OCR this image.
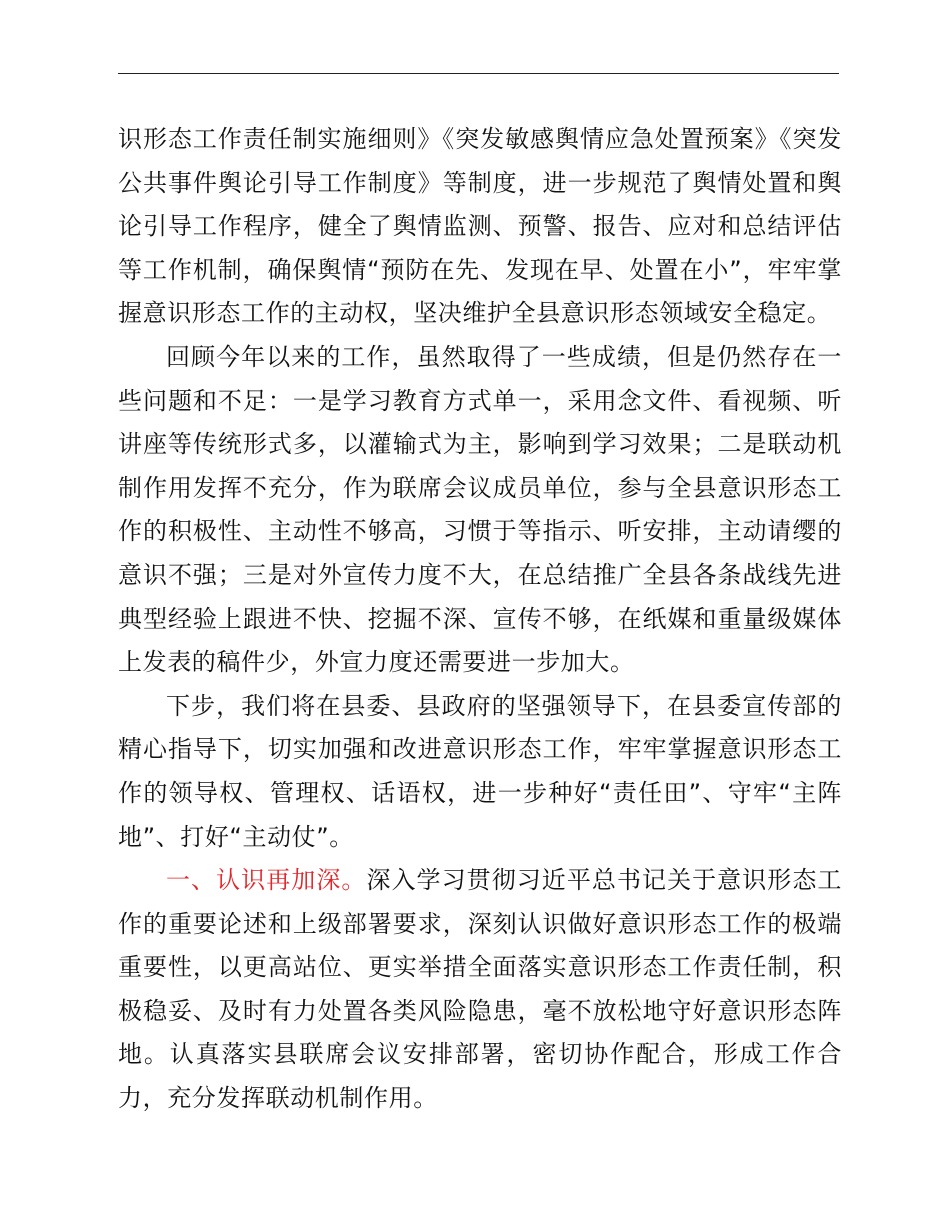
识形态工作责任制实施细则》《突发敏感舆情应急处置预案》《突发公共事件舆论引导工作制度》等制度，进一步规范了舆情处置和舆论引导工作程序，健全了舆情监测、预警、报告、应对和总结评估等工作机制，确保舆情“预防在先、发现在早、处置在小”，牢牢掌握意识形态工作的主动权，坚决维护全县意识形态领域安全稳定。

回顾今年以来的工作，虽然取得了一些成绩，但是仍然存在一些问题和不足：一是学习教育方式单一，采用念文件、看视频、听讲座等传统形式多，以灌输式为主，影响到学习效果；二是联动机制作用发挥不充分，作为联席会议成员单位，参与全县意识形态工作的积极性、主动性不够高，习惯于等指示、听安排，主动请缨的意识不强；三是对外宣传力度不大，在总结推广全县各条战线先进典型经验上跟进不快、挖掘不深、宣传不够，在纸媒和重量级媒体上发表的稿件少，外宣力度还需要进一步加大。

下步，我们将在县委、县政府的坚强领导下，在县委宣传部的精心指导下，切实加强和改进意识形态工作，牢牢掌握意识形态工作的领导权、管理权、话语权，进一步种好“责任田”、守牢“主阵地”、打好“主动仗”。

一、认识再加深。深入学习贯彻习近平总书记关于意识形态工作的重要论述和上级部署要求，深刻认识做好意识形态工作的极端重要性，以更高站位、更实举措全面落实意识形态工作责任制，积极稳妥、及时有力处置各类风险隐患，毫不放松地守好意识形态阵地。认真落实县联席会议安排部署，密切协作配合，形成工作合力，充分发挥联动机制作用。
